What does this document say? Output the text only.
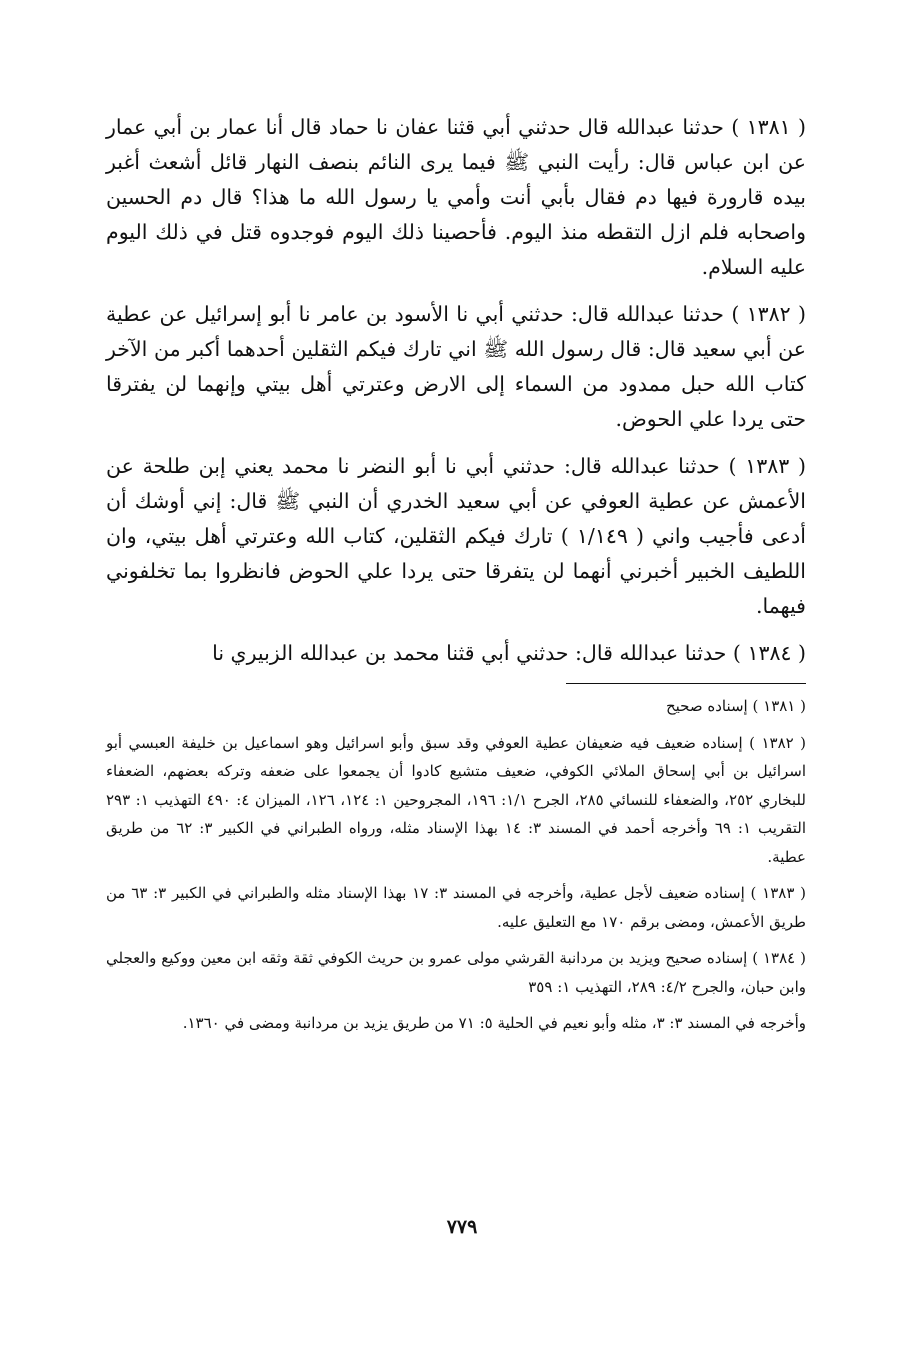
( ١٣٨١ ) حدثنا عبدالله قال حدثني أبي قثنا عفان نا حماد قال أنا عمار بن أبي عمار عن ابن عباس قال: رأيت النبي ﷺ فيما يرى النائم بنصف النهار قائل أشعث أغبر بيده قارورة فيها دم فقال بأبي أنت وأمي يا رسول الله ما هذا؟ قال دم الحسين واصحابه فلم ازل التقطه منذ اليوم. فأحصينا ذلك اليوم فوجدوه قتل في ذلك اليوم عليه السلام.

( ١٣٨٢ ) حدثنا عبدالله قال: حدثني أبي نا الأسود بن عامر نا أبو إسرائيل عن عطية عن أبي سعيد قال: قال رسول الله ﷺ اني تارك فيكم الثقلين أحدهما أكبر من الآخر كتاب الله حبل ممدود من السماء إلى الارض وعترتي أهل بيتي وإنهما لن يفترقا حتى يردا علي الحوض.

( ١٣٨٣ ) حدثنا عبدالله قال: حدثني أبي نا أبو النضر نا محمد يعني إبن طلحة عن الأعمش عن عطية العوفي عن أبي سعيد الخدري أن النبي ﷺ قال: إني أوشك أن أدعى فأجيب واني ( ١/١٤٩ ) تارك فيكم الثقلين، كتاب الله وعترتي أهل بيتي، وان اللطيف الخبير أخبرني أنهما لن يتفرقا حتى يردا علي الحوض فانظروا بما تخلفوني فيهما.

( ١٣٨٤ ) حدثنا عبدالله قال: حدثني أبي قثنا محمد بن عبدالله الزبيري نا

( ١٣٨١ ) إسناده صحيح

( ١٣٨٢ ) إسناده ضعيف فيه ضعيفان عطية العوفي وقد سبق وأبو اسرائيل وهو اسماعيل بن خليفة العبسي أبو اسرائيل بن أبي إسحاق الملائي الكوفي، ضعيف متشيع كادوا أن يجمعوا على ضعفه وتركه بعضهم، الضعفاء للبخاري ٢٥٢، والضعفاء للنسائي ٢٨٥، الجرح ١/١: ١٩٦، المجروحين ١: ١٢٤، ١٢٦، الميزان ٤: ٤٩٠ التهذيب ١: ٢٩٣ التقريب ١: ٦٩ وأخرجه أحمد في المسند ٣: ١٤ بهذا الإسناد مثله، ورواه الطبراني في الكبير ٣: ٦٢ من طريق عطية.

( ١٣٨٣ ) إسناده ضعيف لأجل عطية، وأخرجه في المسند ٣: ١٧ بهذا الإسناد مثله والطبراني في الكبير ٣: ٦٣ من طريق الأعمش، ومضى برقم ١٧٠ مع التعليق عليه.

( ١٣٨٤ ) إسناده صحيح ويزيد بن مردانبة القرشي مولى عمرو بن حريث الكوفي ثقة وثقه ابن معين ووكيع والعجلي وابن حبان، والجرح ٤/٢: ٢٨٩، التهذيب ١: ٣٥٩

وأخرجه في المسند ٣: ٣، مثله وأبو نعيم في الحلية ٥: ٧١ من طريق يزيد بن مردانبة ومضى في ١٣٦٠.

٧٧٩
